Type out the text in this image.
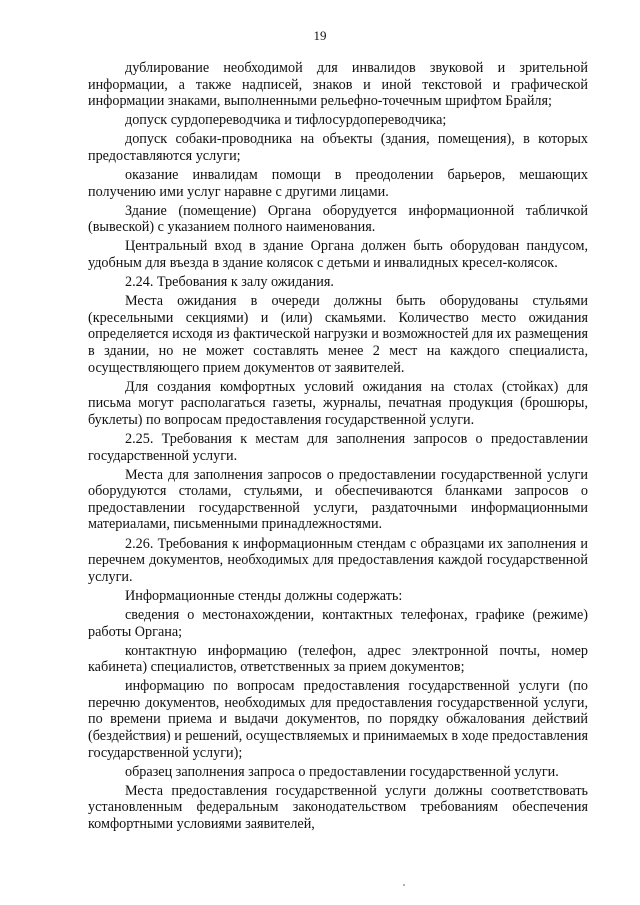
19

дублирование необходимой для инвалидов звуковой и зрительной информации, а также надписей, знаков и иной текстовой и графической информации знаками, выполненными рельефно-точечным шрифтом Брайля;

допуск сурдопереводчика и тифлосурдопереводчика;

допуск собаки-проводника на объекты (здания, помещения), в которых предоставляются услуги;

оказание инвалидам помощи в преодолении барьеров, мешающих получению ими услуг наравне с другими лицами.

Здание (помещение) Органа оборудуется информационной табличкой (вывеской) с указанием полного наименования.

Центральный вход в здание Органа должен быть оборудован пандусом, удобным для въезда в здание колясок с детьми и инвалидных кресел-колясок.

2.24. Требования к залу ожидания.

Места ожидания в очереди должны быть оборудованы стульями (кресельными секциями) и (или) скамьями. Количество место ожидания определяется исходя из фактической нагрузки и возможностей для их размещения в здании, но не может составлять менее 2 мест на каждого специалиста, осуществляющего прием документов от заявителей.

Для создания комфортных условий ожидания на столах (стойках) для письма могут располагаться газеты, журналы, печатная продукция (брошюры, буклеты) по вопросам предоставления государственной услуги.

2.25. Требования к местам для заполнения запросов о предоставлении государственной услуги.

Места для заполнения запросов о предоставлении государственной услуги оборудуются столами, стульями, и обеспечиваются бланками запросов о предоставлении государственной услуги, раздаточными информационными материалами, письменными принадлежностями.

2.26. Требования к информационным стендам с образцами их заполнения и перечнем документов, необходимых для предоставления каждой государственной услуги.

Информационные стенды должны содержать:

сведения о местонахождении, контактных телефонах, графике (режиме) работы Органа;

контактную информацию (телефон, адрес электронной почты, номер кабинета) специалистов, ответственных за прием документов;

информацию по вопросам предоставления государственной услуги (по перечню документов, необходимых для предоставления государственной услуги, по времени приема и выдачи документов, по порядку обжалования действий (бездействия) и решений, осуществляемых и принимаемых в ходе предоставления государственной услуги);

образец заполнения запроса о предоставлении государственной услуги.

Места предоставления государственной услуги должны соответствовать установленным федеральным законодательством требованиям обеспечения комфортными условиями заявителей,
